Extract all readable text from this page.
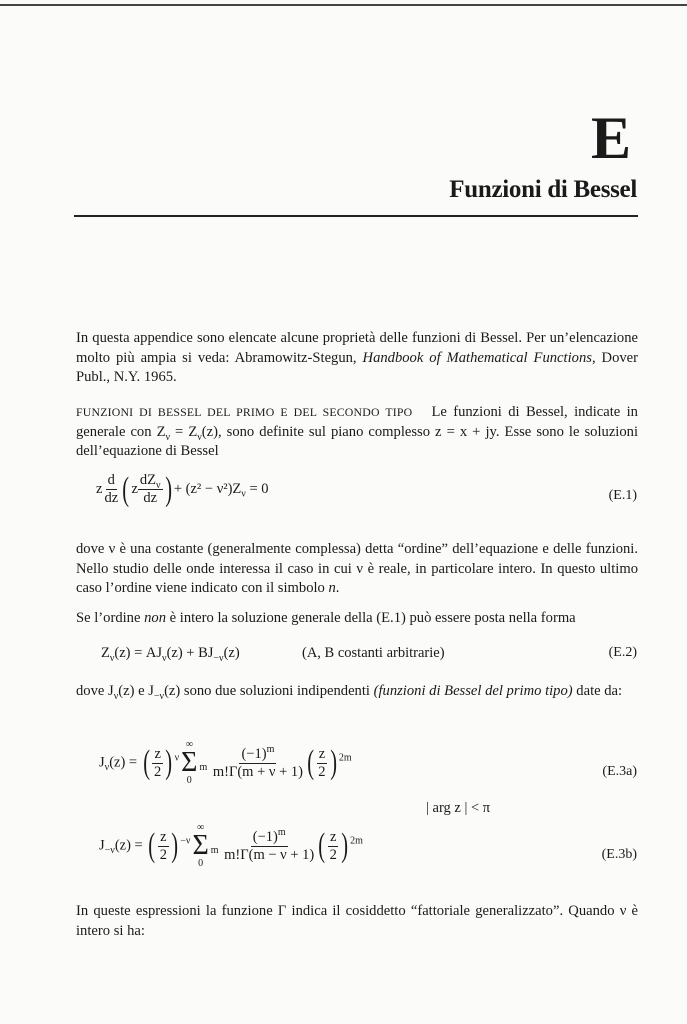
E
Funzioni di Bessel
In questa appendice sono elencate alcune proprietà delle funzioni di Bessel. Per un’elencazione molto più ampia si veda: Abramowitz-Stegun, Handbook of Mathematical Functions, Dover Publ., N.Y. 1965.
FUNZIONI DI BESSEL DEL PRIMO E DEL SECONDO TIPO Le funzioni di Bessel, indicate in generale con $Z_\nu = Z_\nu(z)$, sono definite sul piano complesso z = x + jy. Esse sono le soluzioni dell’equazione di Bessel
z $\frac{d}{dz}$ ( z $\frac{dZ_\nu}{dz}$ ) + $(z^2 - \nu^2)Z_\nu = 0$	(E.1)
dove ν è una costante (generalmente complessa) detta “ordine” dell’equazione e delle funzioni. Nello studio delle onde interessa il caso in cui ν è reale, in particolare intero. In questo ultimo caso l’ordine viene indicato con il simbolo n.
Se l’ordine non è intero la soluzione generale della (E.1) può essere posta nella forma
$Z_\nu(z) = AJ_\nu(z) + BJ_{-\nu}(z)$	(A, B costanti arbitrarie)	(E.2)
dove $J_\nu(z)$ e $J_{-\nu}(z)$ sono due soluzioni indipendenti (funzioni di Bessel del primo tipo) date da:
$J_\nu(z)$ = ( $\frac{z}{2}$ ) $^\nu$
∞
Σ
0
$_m \frac{(-1)^m}{m!\Gamma(m + \nu + 1)}$ ( $\frac{z}{2}$ ) $^{2m}$
(E.3a)
| arg z | < π
$J_{-\nu}(z)$ = ( $\frac{z}{2}$ ) $^{-\nu}$
∞
Σ
0
$_m \frac{(-1)^m}{m!\Gamma(m - \nu + 1)}$ ( $\frac{z}{2}$ ) $^{2m}$
(E.3b)
In queste espressioni la funzione Γ indica il cosiddetto “fattoriale generalizzato”. Quando ν è intero si ha:
